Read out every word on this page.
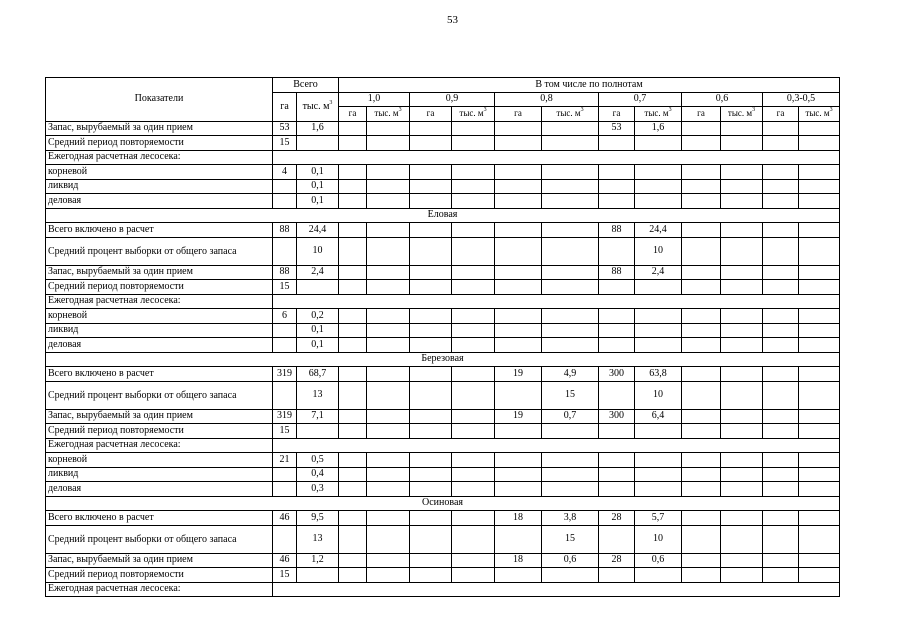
53
Показатели	Всего		В том числе по полнотам											
	га	тыс. $м^3$	1,0		0,9		0,8		0,7		0,6		0,3-0,5	
			га	тыс. $м^3$	га	тыс. $м^3$	га	тыс. $м^3$	га	тыс. $м^3$	га	тыс. $м^3$	га	тыс. $м^3$
Запас, вырубаемый за один прием	53	1,6							53	1,6				
Средний период повторяемости	15													
Ежегодная расчетная лесосека:														
корневой	4	0,1												
ликвид		0,1												
деловая		0,1												
Еловая														
Всего включено в расчет	88	24,4							88	24,4				
Средний процент выборки от общего запаса		10								10				
Запас, вырубаемый за один прием	88	2,4							88	2,4				
Средний период повторяемости	15													
Ежегодная расчетная лесосека:														
корневой	6	0,2												
ликвид		0,1												
деловая		0,1												
Березовая														
Всего включено в расчет	319	68,7					19	4,9	300	63,8				
Средний процент выборки от общего запаса		13						15		10				
Запас, вырубаемый за один прием	319	7,1					19	0,7	300	6,4				
Средний период повторяемости	15													
Ежегодная расчетная лесосека:														
корневой	21	0,5												
ликвид		0,4												
деловая		0,3												
Осиновая														
Всего включено в расчет	46	9,5					18	3,8	28	5,7				
Средний процент выборки от общего запаса		13						15		10				
Запас, вырубаемый за один прием	46	1,2					18	0,6	28	0,6				
Средний период повторяемости	15													
Ежегодная расчетная лесосека:														
